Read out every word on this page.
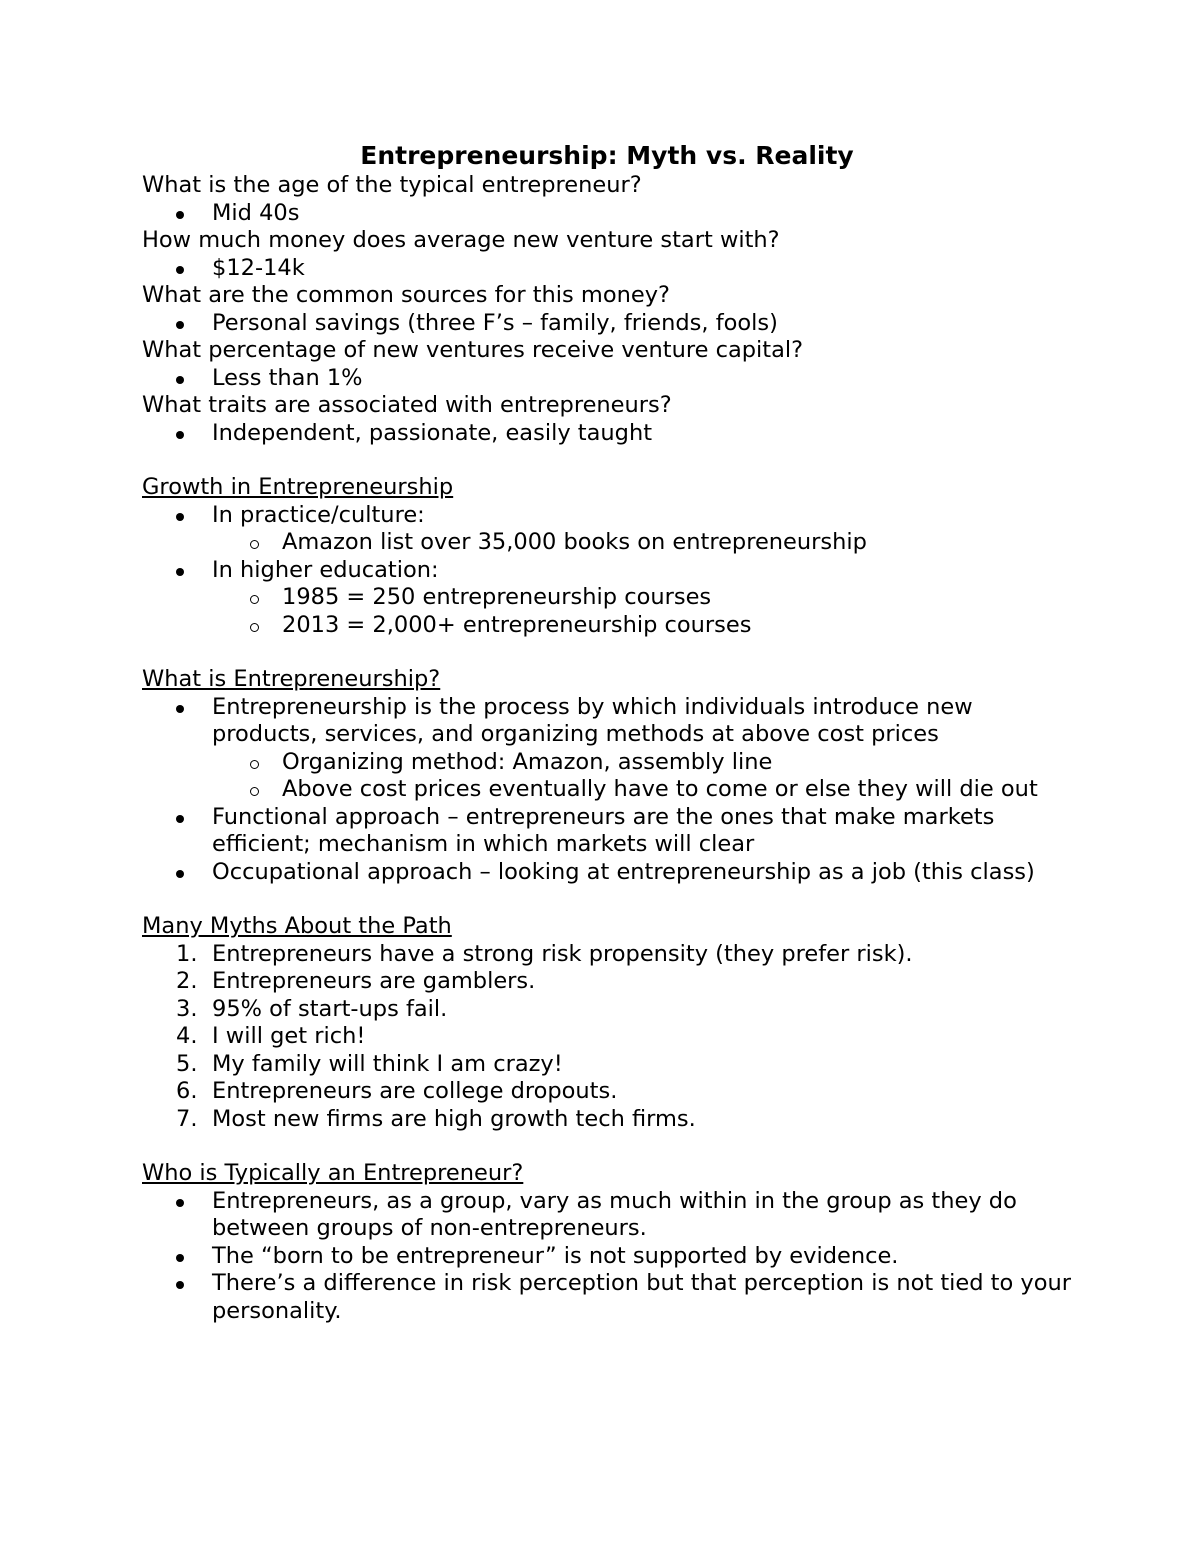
Entrepreneurship: Myth vs. Reality

What is the age of the typical entrepreneur?

Mid 40s

How much money does average new venture start with?

$12-14k

What are the common sources for this money?

Personal savings (three F’s – family, friends, fools)

What percentage of new ventures receive venture capital?

Less than 1%

What traits are associated with entrepreneurs?

Independent, passionate, easily taught

Growth in Entrepreneurship

In practice/culture:
Amazon list over 35,000 books on entrepreneurship
In higher education:
1985 = 250 entrepreneurship courses
2013 = 2,000+ entrepreneurship courses

What is Entrepreneurship?

Entrepreneurship is the process by which individuals introduce new products, services, and organizing methods at above cost prices
Organizing method: Amazon, assembly line
Above cost prices eventually have to come or else they will die out
Functional approach – entrepreneurs are the ones that make markets efficient; mechanism in which markets will clear
Occupational approach – looking at entrepreneurship as a job (this class)

Many Myths About the Path

1. Entrepreneurs have a strong risk propensity (they prefer risk).
2. Entrepreneurs are gamblers.
3. 95% of start-ups fail.
4. I will get rich!
5. My family will think I am crazy!
6. Entrepreneurs are college dropouts.
7. Most new firms are high growth tech firms.

Who is Typically an Entrepreneur?

Entrepreneurs, as a group, vary as much within in the group as they do between groups of non-entrepreneurs.
The “born to be entrepreneur” is not supported by evidence.
There’s a difference in risk perception but that perception is not tied to your personality.
